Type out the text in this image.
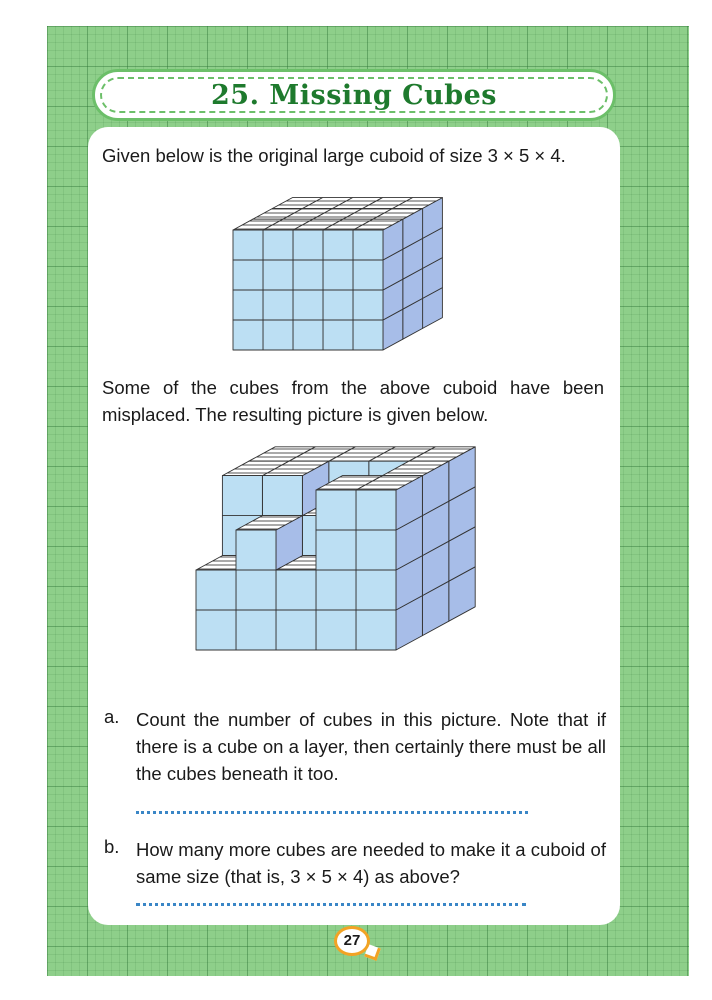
25. Missing Cubes
Given below is the original large cuboid of size 3 × 5 × 4.
Some of the cubes from the above cuboid have been misplaced. The resulting picture is given below.
a. Count the number of cubes in this picture. Note that if there is a cube on a layer, then certainly there must be all the cubes beneath it too.
b. How many more cubes are needed to make it a cuboid of same size (that is, 3 × 5 × 4) as above?
27
